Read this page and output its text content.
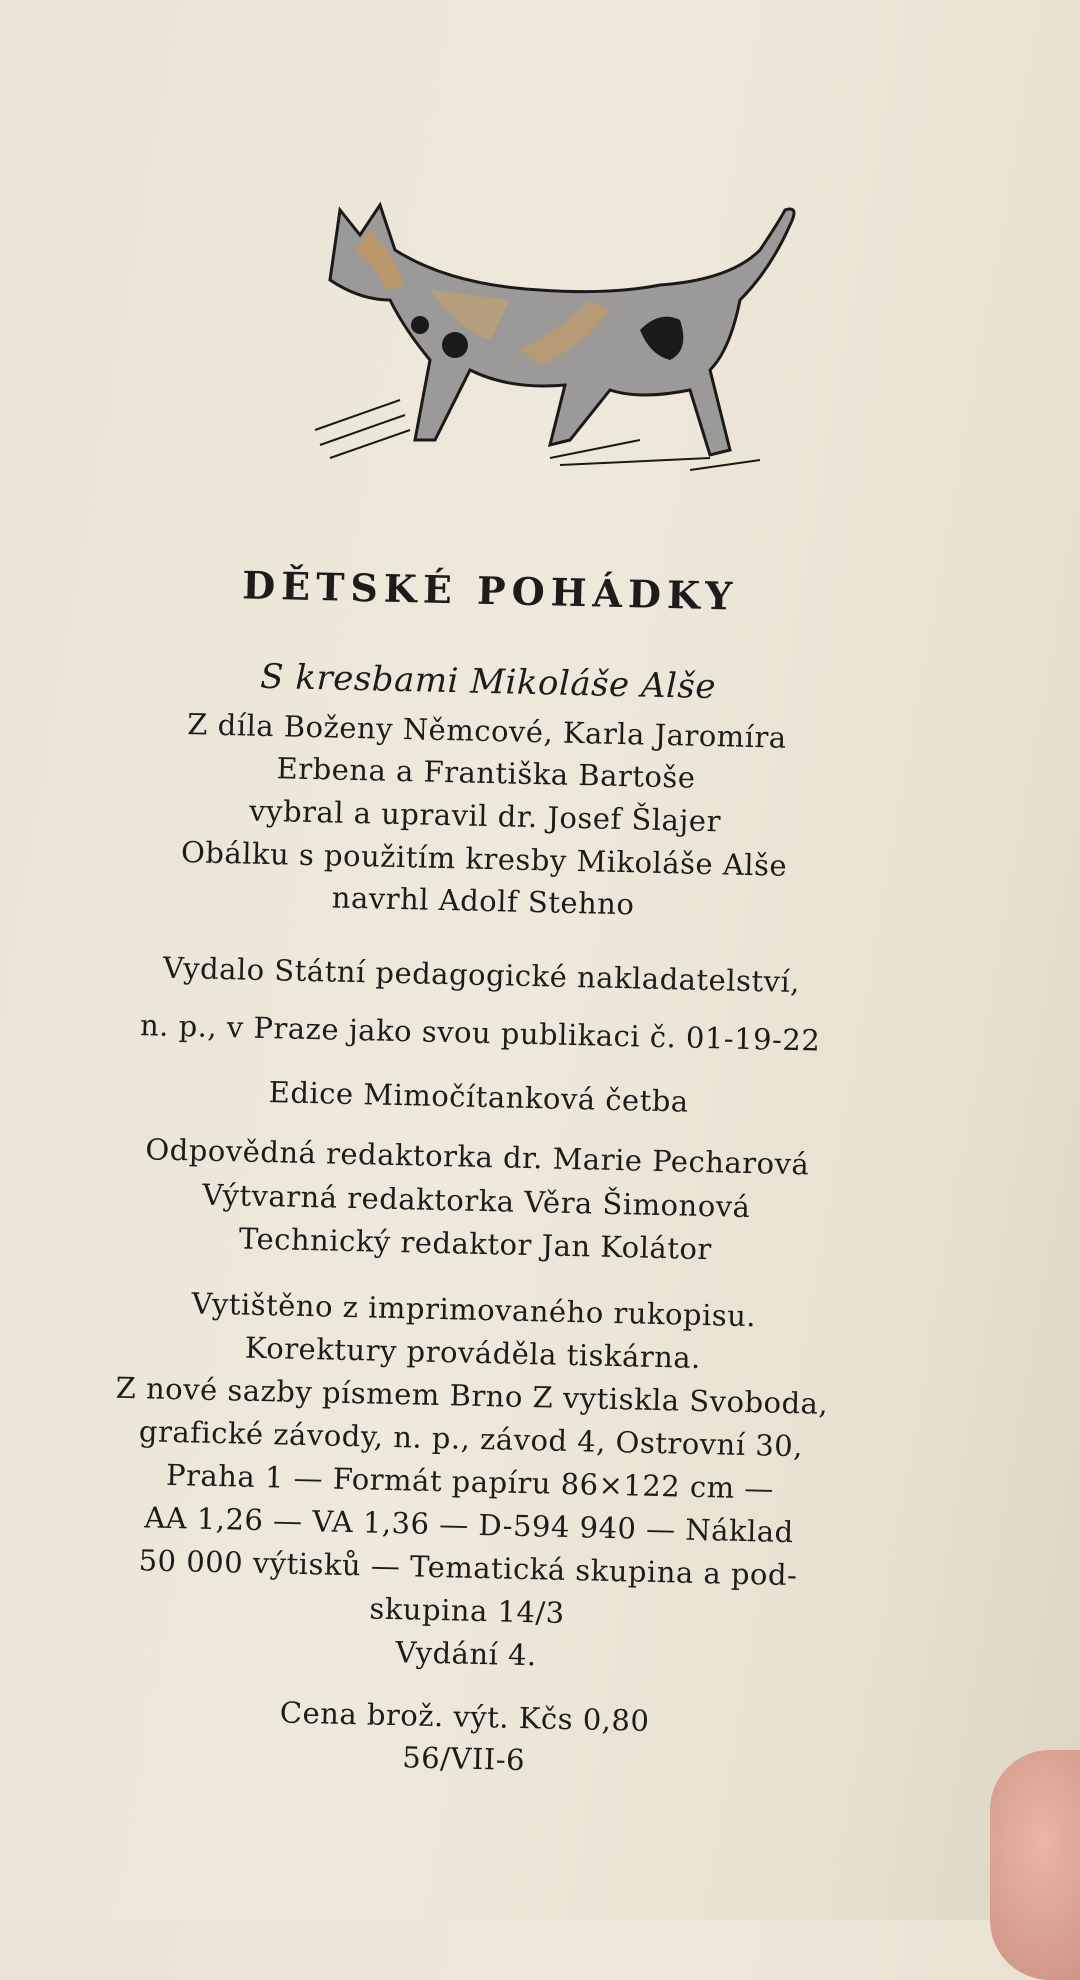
DĚTSKÉ POHÁDKY
S kresbami Mikoláše Alše
Z díla Boženy Němcové, Karla Jaromíra
Erbena a Františka Bartoše
vybral a upravil dr. Josef Šlajer
Obálku s použitím kresby Mikoláše Alše
navrhl Adolf Stehno
Vydalo Státní pedagogické nakladatelství,
n. p., v Praze jako svou publikaci č. 01-19-22
Edice Mimočítanková četba
Odpovědná redaktorka dr. Marie Pecharová
Výtvarná redaktorka Věra Šimonová
Technický redaktor Jan Kolátor
Vytištěno z imprimovaného rukopisu.
Korektury prováděla tiskárna.
Z nové sazby písmem Brno Z vytiskla Svoboda,
grafické závody, n. p., závod 4, Ostrovní 30,
Praha 1 — Formát papíru 86×122 cm —
AA 1,26 — VA 1,36 — D-594 940 — Náklad
50 000 výtisků — Tematická skupina a pod-
skupina 14/3
Vydání 4.
Cena brož. výt. Kčs 0,80
56/VII-6
